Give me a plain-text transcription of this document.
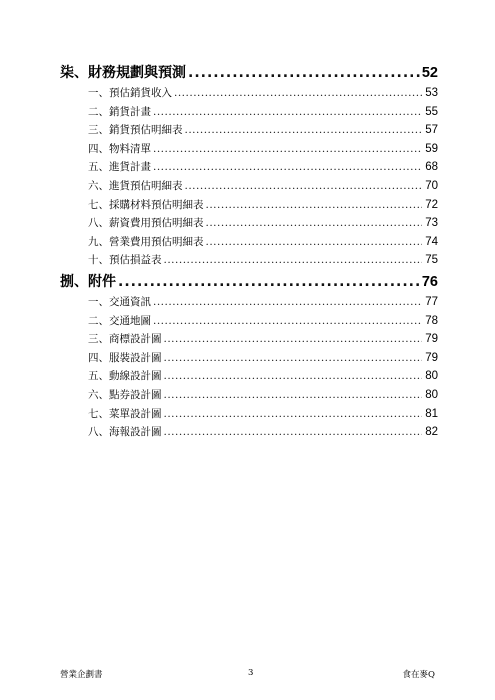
柒、財務規劃與預測 .....	52
一、預估銷貨收入 .....	53
二、銷貨計畫 .....	55
三、銷貨預估明細表 .....	57
四、物料清單 .....	59
五、進貨計畫 .....	68
六、進貨預估明細表 .....	70
七、採購材料預估明細表 .....	72
八、薪資費用預估明細表 .....	73
九、營業費用預估明細表 .....	74
十、預估損益表 .....	75
捌、附件 .....	76
一、交通資訊 .....	77
二、交通地圖 .....	78
三、商標設計圖 .....	79
四、服裝設計圖 .....	79
五、動線設計圖 .....	80
六、點券設計圖 .....	80
七、菜單設計圖 .....	81
八、海報設計圖 .....	82
營業企劃書	3	食在麥Q
